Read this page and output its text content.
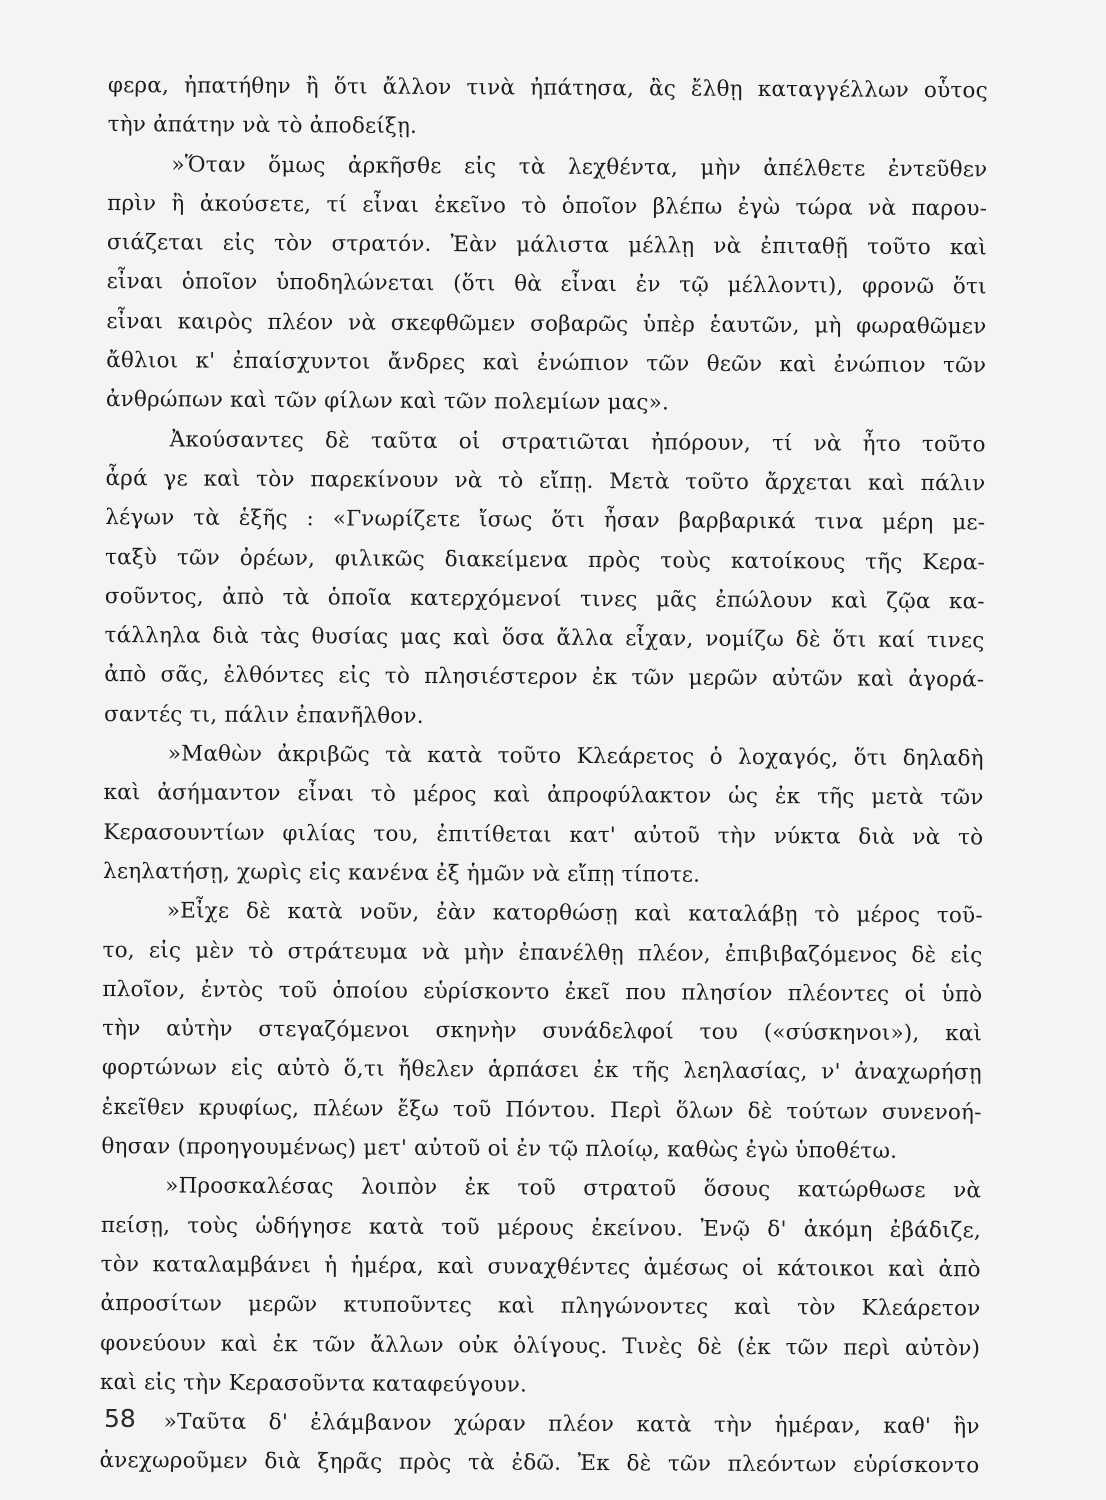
φερα, ἠπατήθην ἢ ὅτι ἄλλον τινὰ ἠπάτησα, ἂς ἔλθῃ καταγγέλλων οὗτος
τὴν ἀπάτην νὰ τὸ ἀποδείξῃ.
»Ὅταν ὅμως ἀρκῆσθε εἰς τὰ λεχθέντα, μὴν ἀπέλθετε ἐντεῦθεν
πρὶν ἢ ἀκούσετε, τί εἶναι ἐκεῖνο τὸ ὁποῖον βλέπω ἐγὼ τώρα νὰ παρου-
σιάζεται εἰς τὸν στρατόν. Ἐὰν μάλιστα μέλλῃ νὰ ἐπιταθῇ τοῦτο καὶ
εἶναι ὁποῖον ὑποδηλώνεται (ὅτι θὰ εἶναι ἐν τῷ μέλλοντι), φρονῶ ὅτι
εἶναι καιρὸς πλέον νὰ σκεφθῶμεν σοβαρῶς ὑπὲρ ἑαυτῶν, μὴ φωραθῶμεν
ἄθλιοι κ' ἐπαίσχυντοι ἄνδρες καὶ ἐνώπιον τῶν θεῶν καὶ ἐνώπιον τῶν
ἀνθρώπων καὶ τῶν φίλων καὶ τῶν πολεμίων μας».
Ἀκούσαντες δὲ ταῦτα οἱ στρατιῶται ἠπόρουν, τί νὰ ἦτο τοῦτο
ἆρά γε καὶ τὸν παρεκίνουν νὰ τὸ εἴπῃ. Μετὰ τοῦτο ἄρχεται καὶ πάλιν
λέγων τὰ ἑξῆς : «Γνωρίζετε ἴσως ὅτι ἦσαν βαρβαρικά τινα μέρη με-
ταξὺ τῶν ὀρέων, φιλικῶς διακείμενα πρὸς τοὺς κατοίκους τῆς Κερα-
σοῦντος, ἀπὸ τὰ ὁποῖα κατερχόμενοί τινες μᾶς ἐπώλουν καὶ ζῷα κα-
τάλληλα διὰ τὰς θυσίας μας καὶ ὅσα ἄλλα εἶχαν, νομίζω δὲ ὅτι καί τινες
ἀπὸ σᾶς, ἐλθόντες εἰς τὸ πλησιέστερον ἐκ τῶν μερῶν αὐτῶν καὶ ἀγορά-
σαντές τι, πάλιν ἐπανῆλθον.
»Μαθὼν ἀκριβῶς τὰ κατὰ τοῦτο Κλεάρετος ὁ λοχαγός, ὅτι δηλαδὴ
καὶ ἀσήμαντον εἶναι τὸ μέρος καὶ ἀπροφύλακτον ὡς ἐκ τῆς μετὰ τῶν
Κερασουντίων φιλίας του, ἐπιτίθεται κατ' αὐτοῦ τὴν νύκτα διὰ νὰ τὸ
λεηλατήσῃ, χωρὶς εἰς κανένα ἐξ ἡμῶν νὰ εἴπῃ τίποτε.
»Εἶχε δὲ κατὰ νοῦν, ἐὰν κατορθώσῃ καὶ καταλάβῃ τὸ μέρος τοῦ-
το, εἰς μὲν τὸ στράτευμα νὰ μὴν ἐπανέλθῃ πλέον, ἐπιβιβαζόμενος δὲ εἰς
πλοῖον, ἐντὸς τοῦ ὁποίου εὑρίσκοντο ἐκεῖ που πλησίον πλέοντες οἱ ὑπὸ
τὴν αὐτὴν στεγαζόμενοι σκηνὴν συνάδελφοί του («σύσκηνοι»), καὶ
φορτώνων εἰς αὐτὸ ὅ,τι ἤθελεν ἁρπάσει ἐκ τῆς λεηλασίας, ν' ἀναχωρήσῃ
ἐκεῖθεν κρυφίως, πλέων ἔξω τοῦ Πόντου. Περὶ ὅλων δὲ τούτων συνενοή-
θησαν (προηγουμένως) μετ' αὐτοῦ οἱ ἐν τῷ πλοίῳ, καθὼς ἐγὼ ὑποθέτω.
»Προσκαλέσας λοιπὸν ἐκ τοῦ στρατοῦ ὅσους κατώρθωσε νὰ
πείσῃ, τοὺς ὡδήγησε κατὰ τοῦ μέρους ἐκείνου. Ἐνῷ δ' ἀκόμη ἐβάδιζε,
τὸν καταλαμβάνει ἡ ἡμέρα, καὶ συναχθέντες ἀμέσως οἱ κάτοικοι καὶ ἀπὸ
ἀπροσίτων μερῶν κτυποῦντες καὶ πληγώνοντες καὶ τὸν Κλεάρετον
φονεύουν καὶ ἐκ τῶν ἄλλων οὐκ ὀλίγους. Τινὲς δὲ (ἐκ τῶν περὶ αὐτὸν)
καὶ εἰς τὴν Κερασοῦντα καταφεύγουν.
»Ταῦτα δ' ἐλάμβανον χώραν πλέον κατὰ τὴν ἡμέραν, καθ' ἣν
ἀνεχωροῦμεν διὰ ξηρᾶς πρὸς τὰ ἐδῶ. Ἐκ δὲ τῶν πλεόντων εὑρίσκοντο
58
